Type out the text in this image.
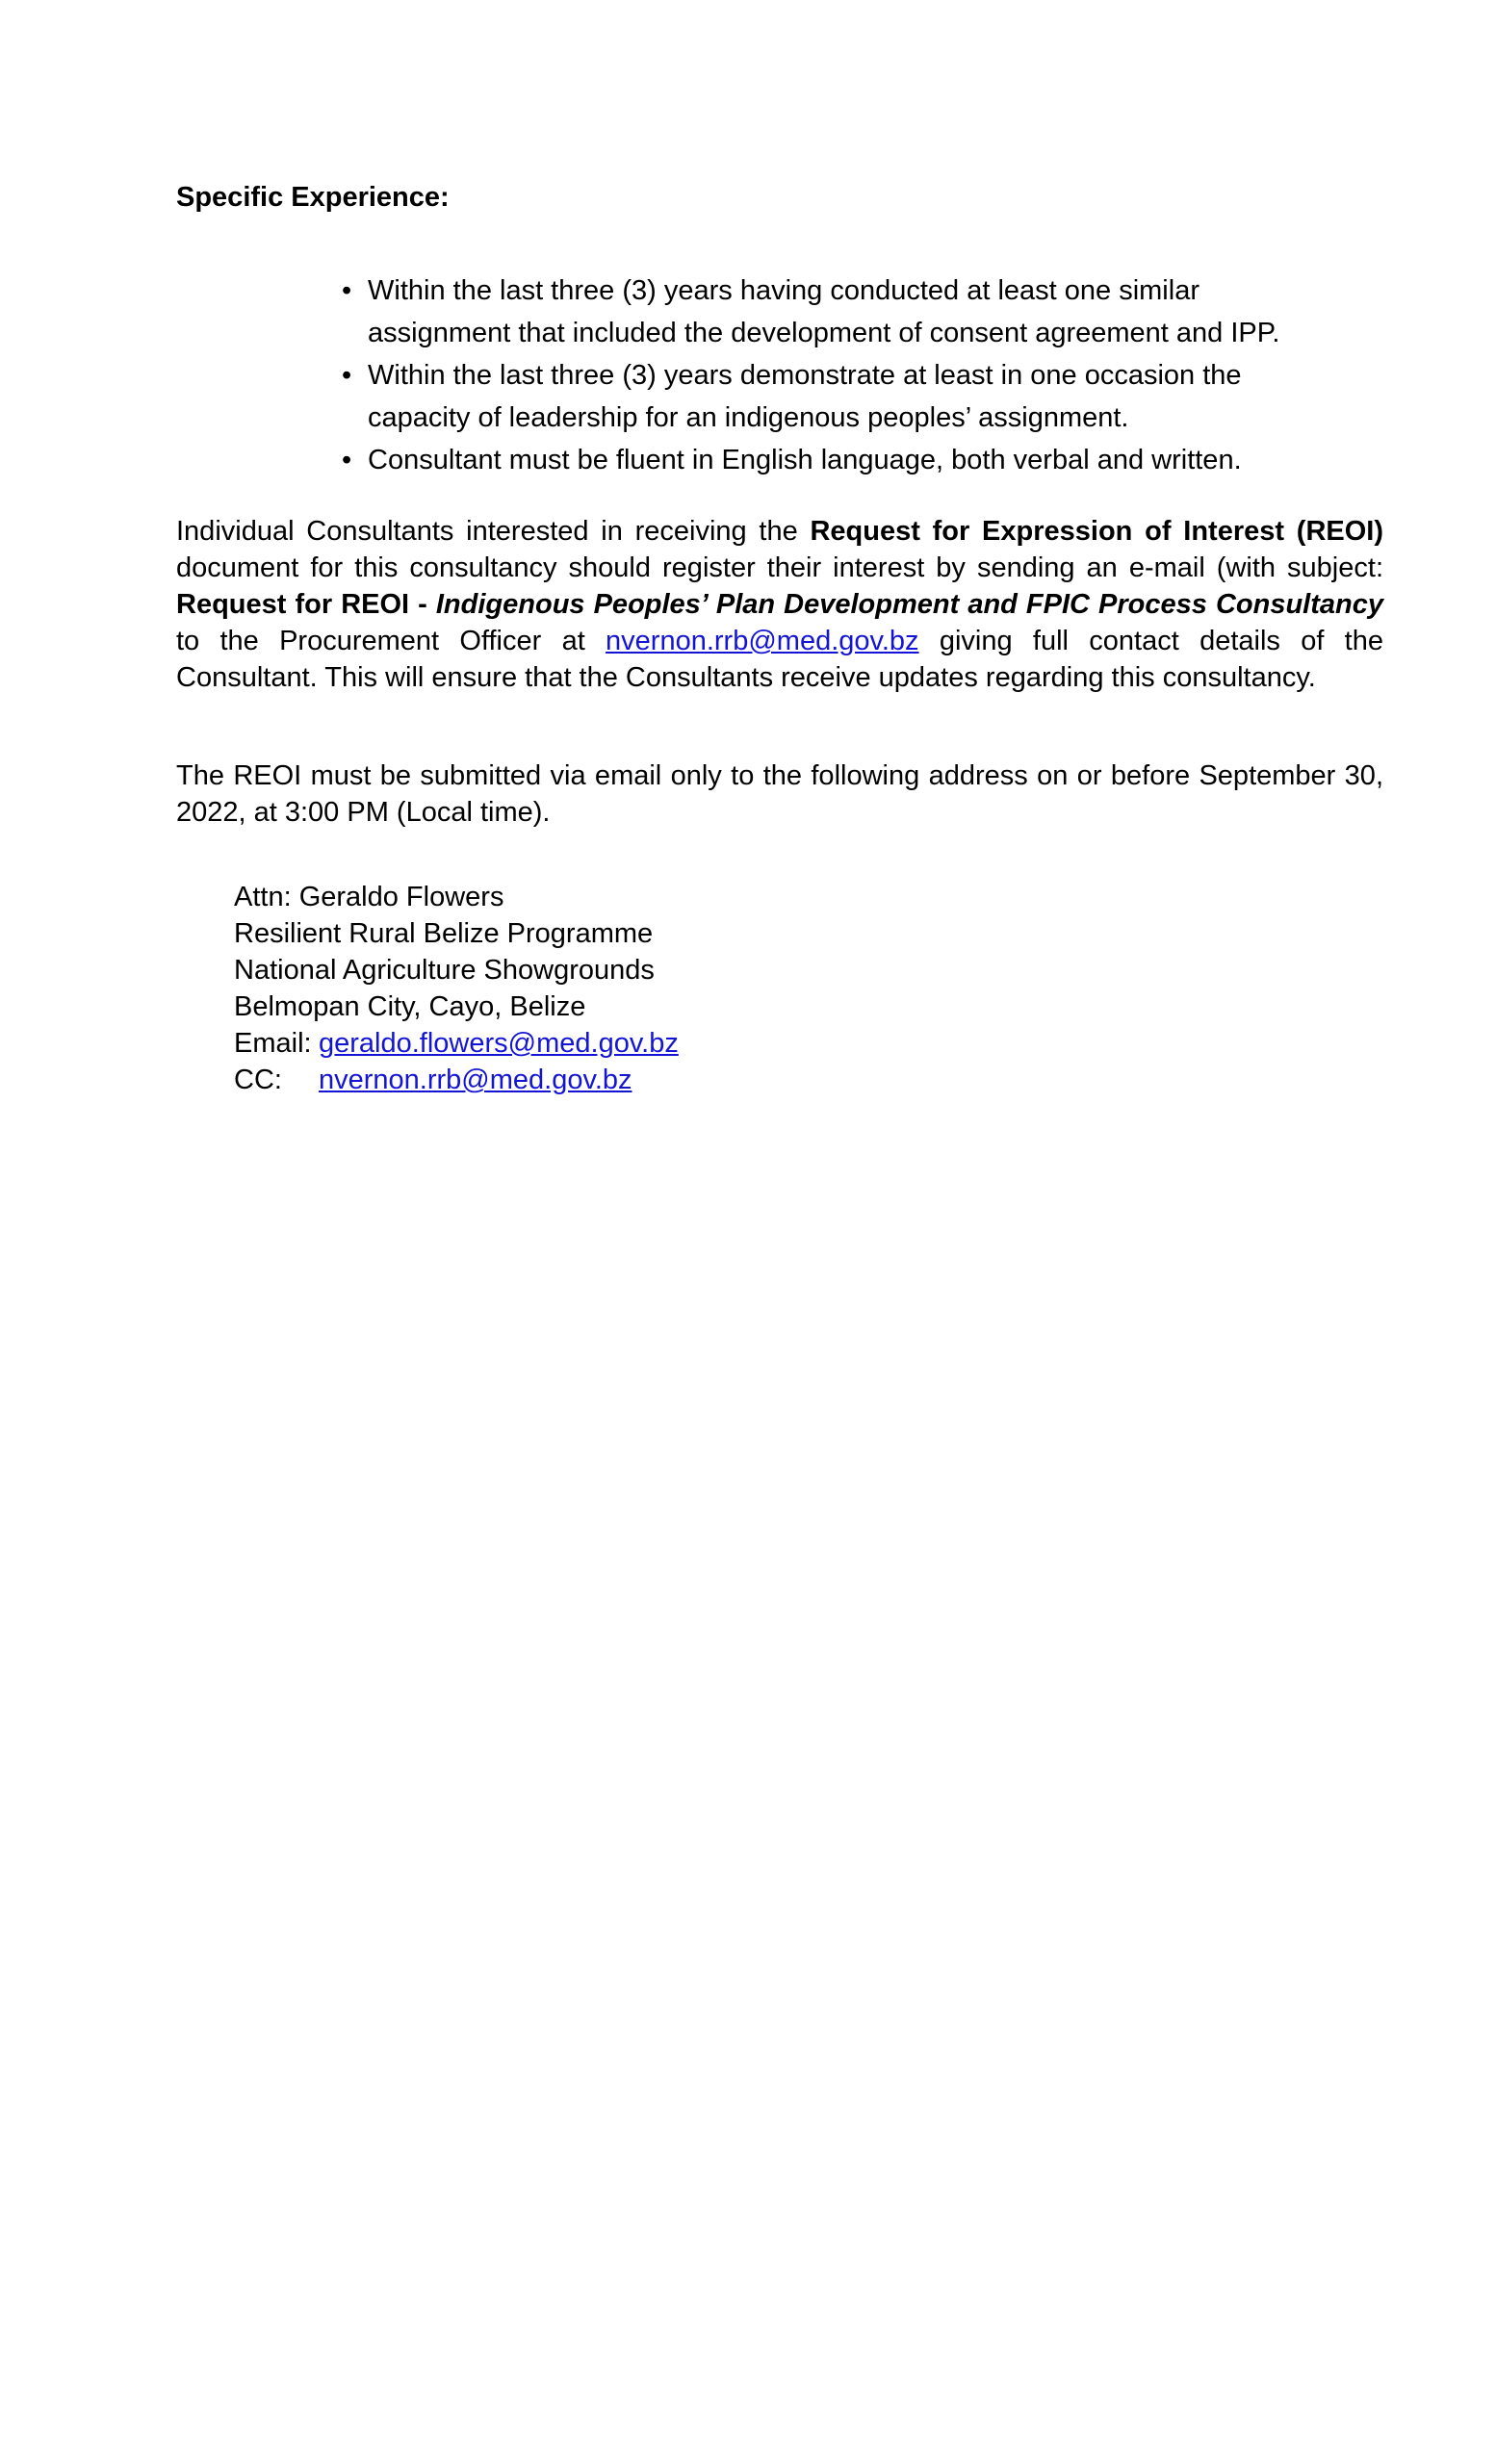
Specific Experience:
• Within the last three (3) years having conducted at least one similar assignment that included the development of consent agreement and IPP.
• Within the last three (3) years demonstrate at least in one occasion the capacity of leadership for an indigenous peoples’ assignment.
• Consultant must be fluent in English language, both verbal and written.

Individual Consultants interested in receiving the Request for Expression of Interest (REOI) document for this consultancy should register their interest by sending an e-mail (with subject: Request for REOI - Indigenous Peoples’ Plan Development and FPIC Process Consultancy to the Procurement Officer at nvernon.rrb@med.gov.bz giving full contact details of the Consultant. This will ensure that the Consultants receive updates regarding this consultancy.

The REOI must be submitted via email only to the following address on or before September 30, 2022, at 3:00 PM (Local time).

Attn: Geraldo Flowers
Resilient Rural Belize Programme
National Agriculture Showgrounds
Belmopan City, Cayo, Belize
Email: geraldo.flowers@med.gov.bz
CC: nvernon.rrb@med.gov.bz
